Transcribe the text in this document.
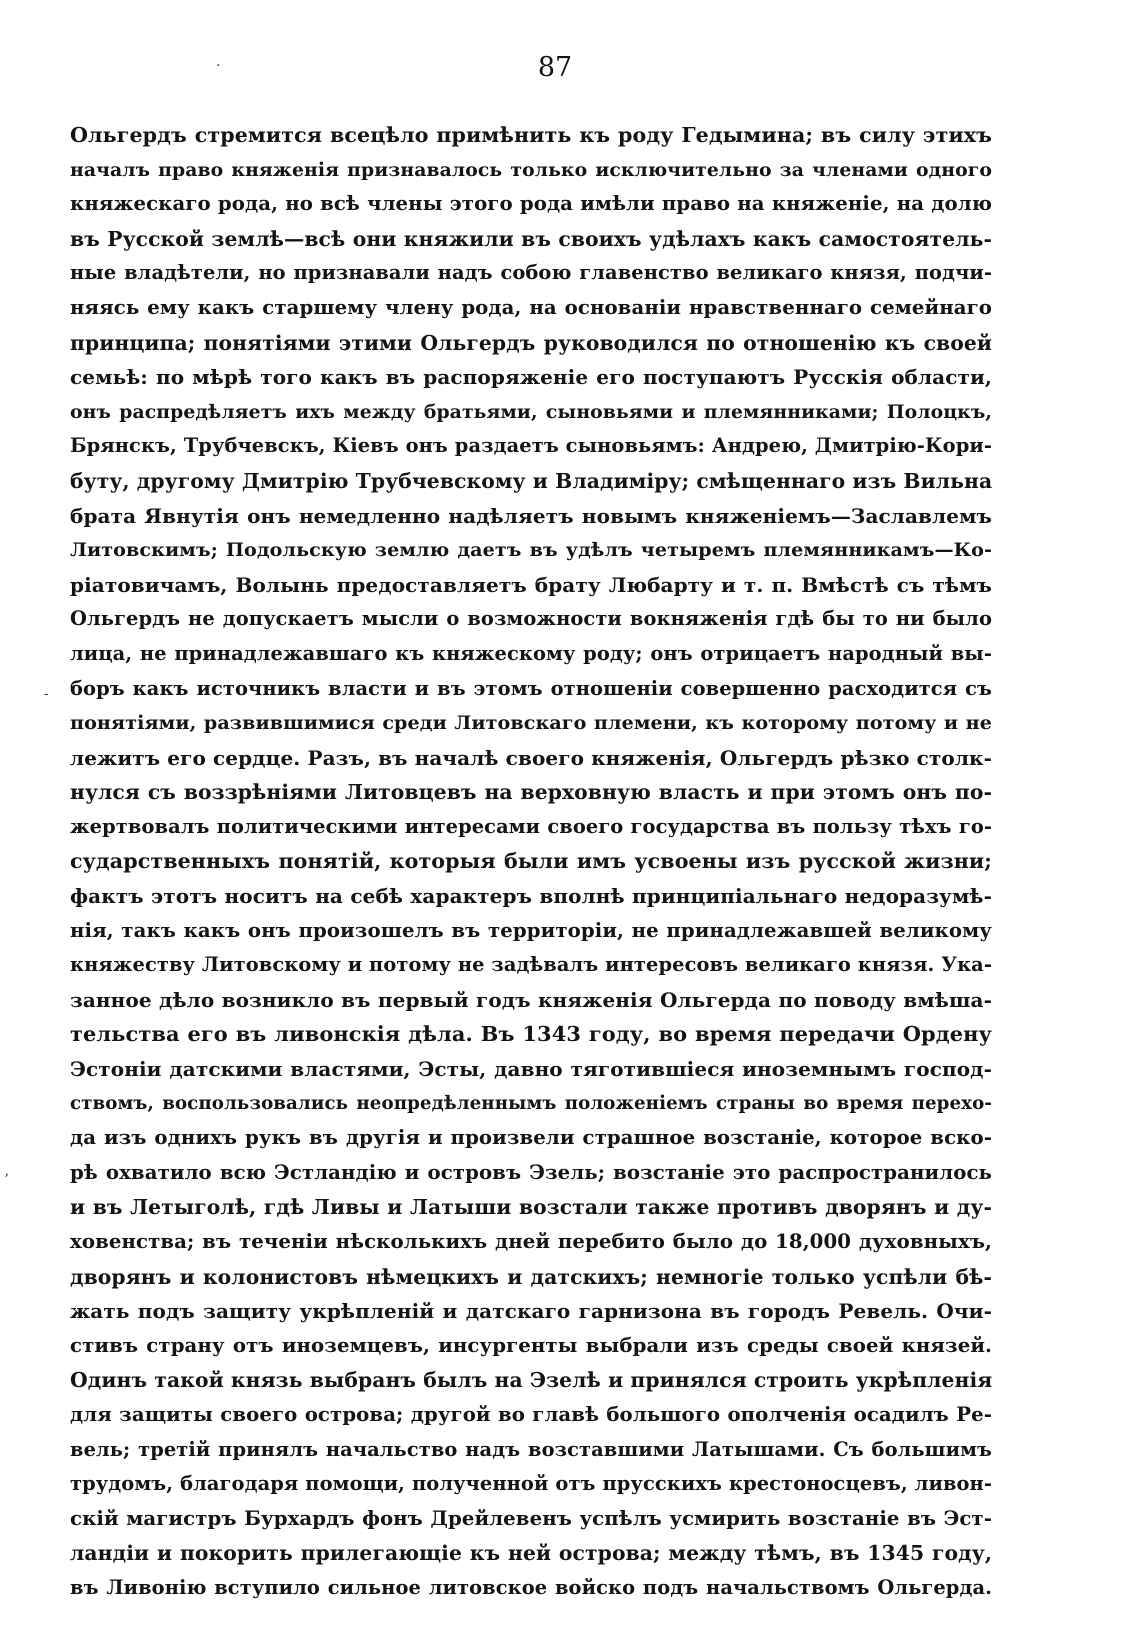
·
-
ʼ
87
Ольгердъ стремится всецѣло примѣнить къ роду Гедымина; въ силу этихъ
началъ право княженія признавалось только исключительно за членами одного
княжескаго рода, но всѣ члены этого рода имѣли право на княженіе, на долю
въ Русской землѣ—всѣ они княжили въ своихъ удѣлахъ какъ самостоятель-
ные владѣтели, но признавали надъ собою главенство великаго князя, подчи-
няясь ему какъ старшему члену рода, на основаніи нравственнаго семейнаго
принципа; понятіями этими Ольгердъ руководился по отношенію къ своей
семьѣ: по мѣрѣ того какъ въ распоряженіе его поступаютъ Русскія области,
онъ распредѣляетъ ихъ между братьями, сыновьями и племянниками; Полоцкъ,
Брянскъ, Трубчевскъ, Кіевъ онъ раздаетъ сыновьямъ: Андрею, Дмитрію-Кори-
буту, другому Дмитрію Трубчевскому и Владиміру; смѣщеннаго изъ Вильна
брата Явнутія онъ немедленно надѣляетъ новымъ княженіемъ—Заславлемъ
Литовскимъ; Подольскую землю даетъ въ удѣлъ четыремъ племянникамъ—Ко-
ріатовичамъ, Волынь предоставляетъ брату Любарту и т. п. Вмѣстѣ съ тѣмъ
Ольгердъ не допускаетъ мысли о возможности вокняженія гдѣ бы то ни было
лица, не принадлежавшаго къ княжескому роду; онъ отрицаетъ народный вы-
боръ какъ источникъ власти и въ этомъ отношеніи совершенно расходится съ
понятіями, развившимися среди Литовскаго племени, къ которому потому и не
лежитъ его сердце. Разъ, въ началѣ своего княженія, Ольгердъ рѣзко столк-
нулся съ воззрѣніями Литовцевъ на верховную власть и при этомъ онъ по-
жертвовалъ политическими интересами своего государства въ пользу тѣхъ го-
сударственныхъ понятій, которыя были имъ усвоены изъ русской жизни;
фактъ этотъ носитъ на себѣ характеръ вполнѣ принципіальнаго недоразумѣ-
нія, такъ какъ онъ произошелъ въ территоріи, не принадлежавшей великому
княжеству Литовскому и потому не задѣвалъ интересовъ великаго князя. Ука-
занное дѣло возникло въ первый годъ княженія Ольгерда по поводу вмѣша-
тельства его въ ливонскія дѣла. Въ 1343 году, во время передачи Ордену
Эстоніи датскими властями, Эсты, давно тяготившіеся иноземнымъ господ-
ствомъ, воспользовались неопредѣленнымъ положеніемъ страны во время перехо-
да изъ однихъ рукъ въ другія и произвели страшное возстаніе, которое вско-
рѣ охватило всю Эстландію и островъ Эзель; возстаніе это распространилось
и въ Летыголѣ, гдѣ Ливы и Латыши возстали также противъ дворянъ и ду-
ховенства; въ теченіи нѣсколькихъ дней перебито было до 18,000 духовныхъ,
дворянъ и колонистовъ нѣмецкихъ и датскихъ; немногіе только успѣли бѣ-
жать подъ защиту укрѣпленій и датскаго гарнизона въ городъ Ревель. Очи-
стивъ страну отъ иноземцевъ, инсургенты выбрали изъ среды своей князей.
Одинъ такой князь выбранъ былъ на Эзелѣ и принялся строить укрѣпленія
для защиты своего острова; другой во главѣ большого ополченія осадилъ Ре-
вель; третій принялъ начальство надъ возставшими Латышами. Съ большимъ
трудомъ, благодаря помощи, полученной отъ прусскихъ крестоносцевъ, ливон-
скій магистръ Бурхардъ фонъ Дрейлевенъ успѣлъ усмирить возстаніе въ Эст-
ландіи и покорить прилегающіе къ ней острова; между тѣмъ, въ 1345 году,
въ Ливонію вступило сильное литовское войско подъ начальствомъ Ольгерда.
